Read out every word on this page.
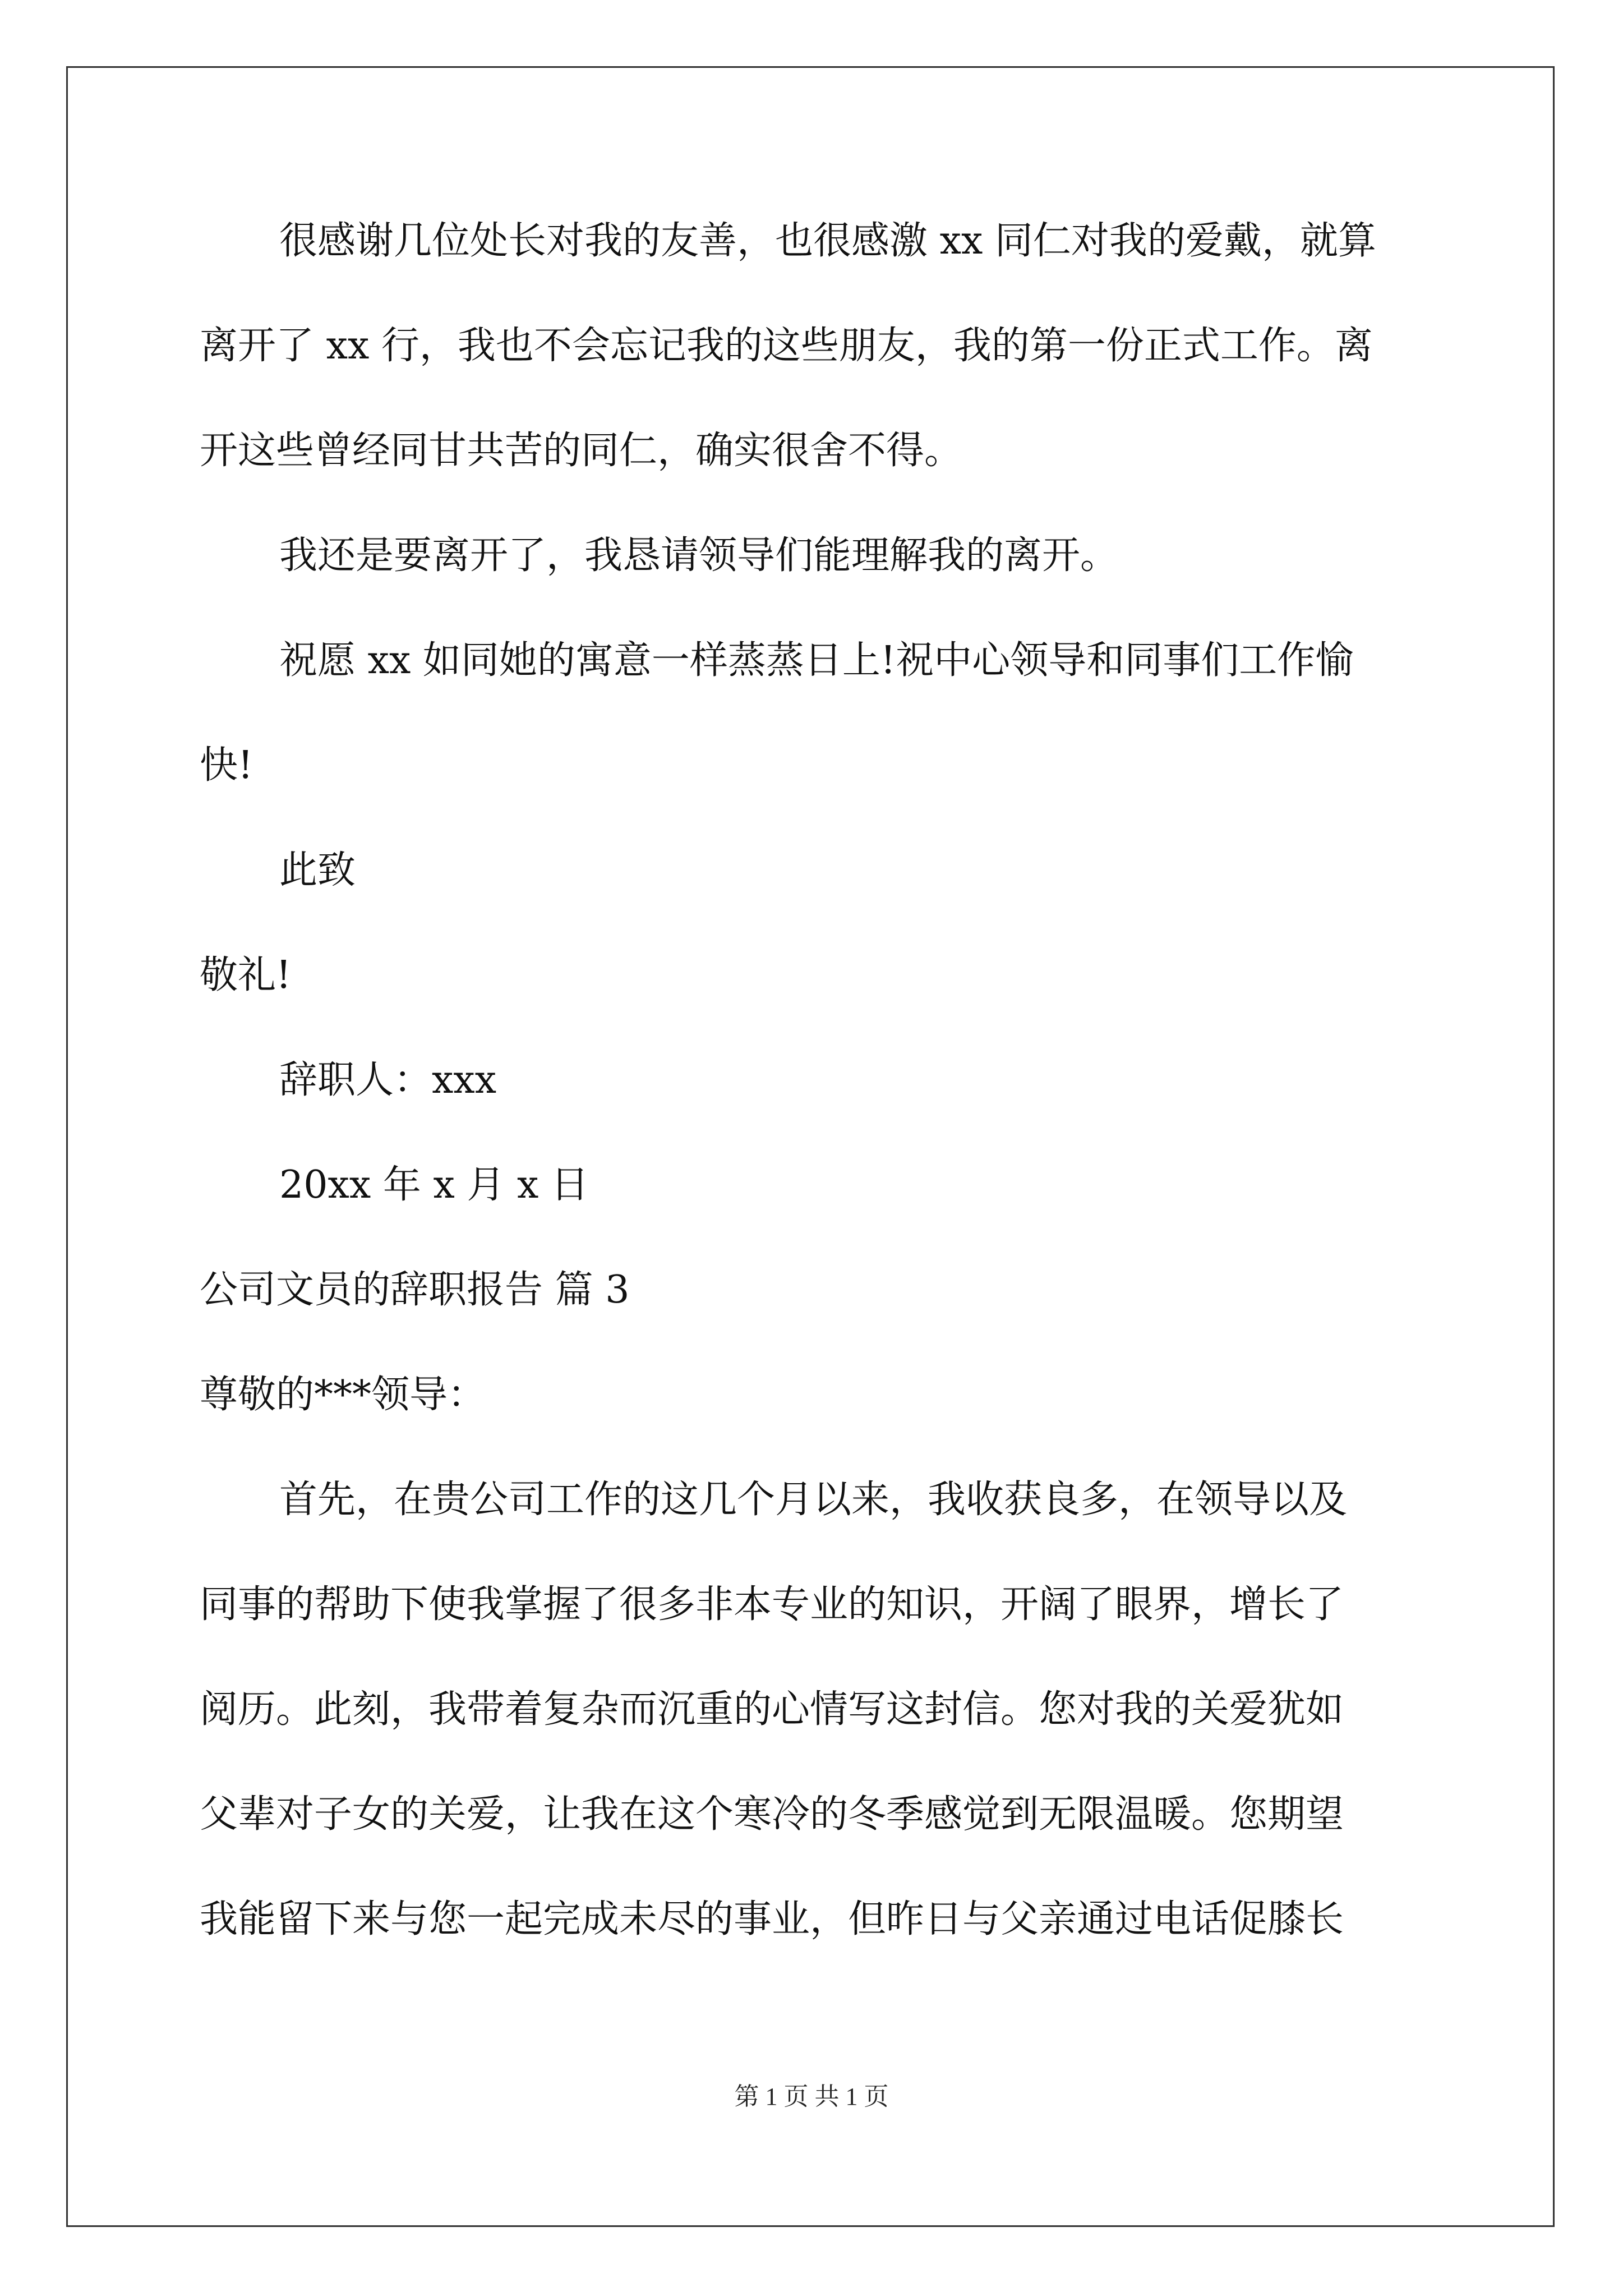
很感谢几位处长对我的友善，也很感激 xx 同仁对我的爱戴，就算
离开了 xx 行，我也不会忘记我的这些朋友，我的第一份正式工作。离
开这些曾经同甘共苦的同仁，确实很舍不得。
我还是要离开了，我恳请领导们能理解我的离开。
祝愿 xx 如同她的寓意一样蒸蒸日上!祝中心领导和同事们工作愉
快!
此致
敬礼!
辞职人：xxx
20xx 年 x 月 x 日
公司文员的辞职报告 篇 3
尊敬的***领导：
首先，在贵公司工作的这几个月以来，我收获良多，在领导以及
同事的帮助下使我掌握了很多非本专业的知识，开阔了眼界，增长了
阅历。此刻，我带着复杂而沉重的心情写这封信。您对我的关爱犹如
父辈对子女的关爱，让我在这个寒冷的冬季感觉到无限温暖。您期望
我能留下来与您一起完成未尽的事业，但昨日与父亲通过电话促膝长
第 1 页 共 1 页
